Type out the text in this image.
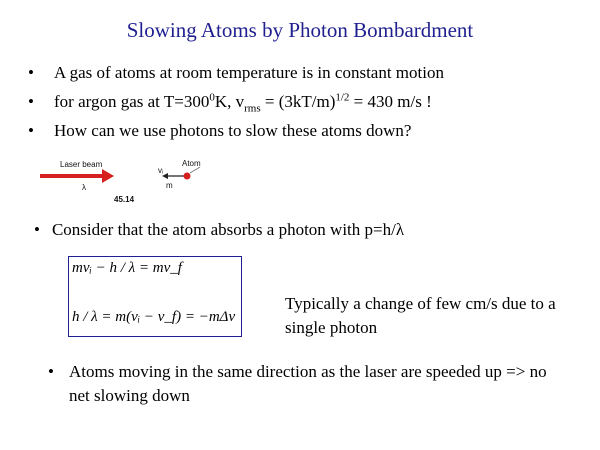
Slowing Atoms by Photon Bombardment
• A gas of atoms at room temperature is in constant motion
• for argon gas at $T=300^0K$, $v_{rms} = (3kT/m)^{1/2} = 430$ m/s !
• How can we use photons to slow these atoms down?
Laser beam
λ
vᵢ
Atom
m
45.14
• Consider that the atom absorbs a photon with p=h/λ
mvᵢ − h / λ = mv_f
h / λ = m(vᵢ − v_f) = −mΔv
Typically a change of few cm/s due to a single photon
• Atoms moving in the same direction as the laser are speeded up => no net slowing down
